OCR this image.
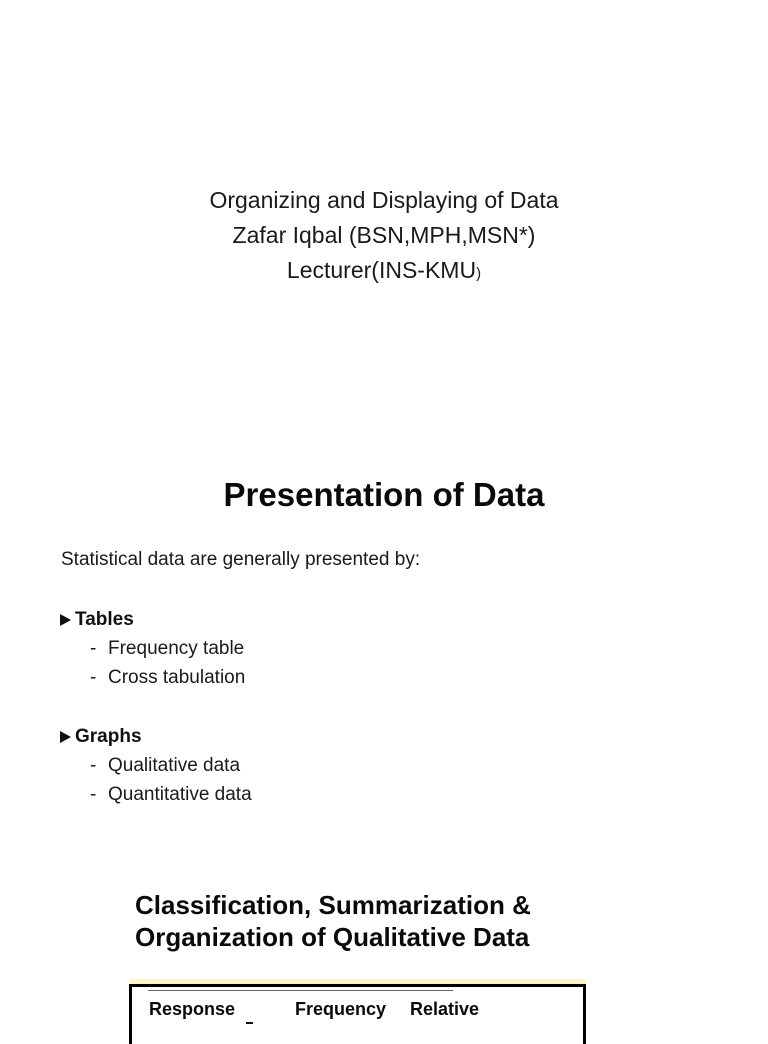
Organizing and Displaying of Data
Zafar Iqbal (BSN,MPH,MSN*)
Lecturer(INS-KMU)
Presentation of Data
Statistical data are generally presented by:
Tables
- Frequency table
- Cross tabulation
Graphs
- Qualitative data
- Quantitative data
Classification, Summarization &
Organization of Qualitative Data
Response	Frequency Relative
